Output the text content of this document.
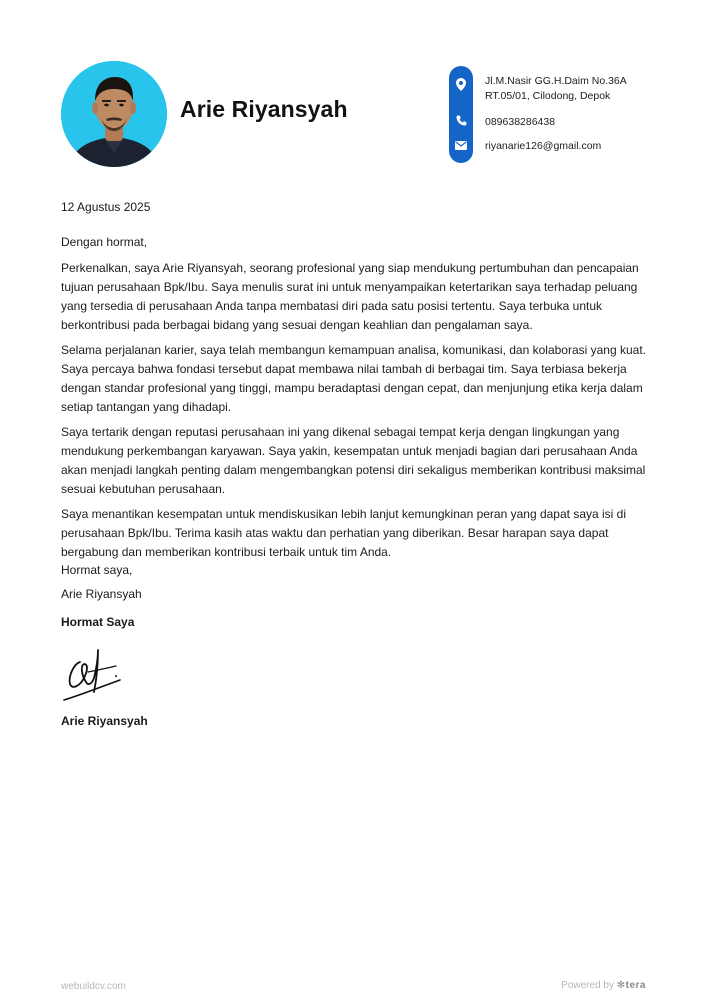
Arie Riyansyah
Jl.M.Nasir GG.H.Daim No.36A
RT.05/01, Cilodong, Depok
089638286438
riyanarie126@gmail.com
12 Agustus 2025
Dengan hormat,

Perkenalkan, saya Arie Riyansyah, seorang profesional yang siap mendukung pertumbuhan dan pencapaian tujuan perusahaan Bpk/Ibu. Saya menulis surat ini untuk menyampaikan ketertarikan saya terhadap peluang yang tersedia di perusahaan Anda tanpa membatasi diri pada satu posisi tertentu. Saya terbuka untuk berkontribusi pada berbagai bidang yang sesuai dengan keahlian dan pengalaman saya.

Selama perjalanan karier, saya telah membangun kemampuan analisa, komunikasi, dan kolaborasi yang kuat. Saya percaya bahwa fondasi tersebut dapat membawa nilai tambah di berbagai tim. Saya terbiasa bekerja dengan standar profesional yang tinggi, mampu beradaptasi dengan cepat, dan menjunjung etika kerja dalam setiap tantangan yang dihadapi.

Saya tertarik dengan reputasi perusahaan ini yang dikenal sebagai tempat kerja dengan lingkungan yang mendukung perkembangan karyawan. Saya yakin, kesempatan untuk menjadi bagian dari perusahaan Anda akan menjadi langkah penting dalam mengembangkan potensi diri sekaligus memberikan kontribusi maksimal sesuai kebutuhan perusahaan.

Saya menantikan kesempatan untuk mendiskusikan lebih lanjut kemungkinan peran yang dapat saya isi di perusahaan Bpk/Ibu. Terima kasih atas waktu dan perhatian yang diberikan. Besar harapan saya dapat bergabung dan memberikan kontribusi terbaik untuk tim Anda.

Hormat saya,
Arie Riyansyah
Hormat Saya
Arie Riyansyah
webuildcv.com	Powered by ✻tera
